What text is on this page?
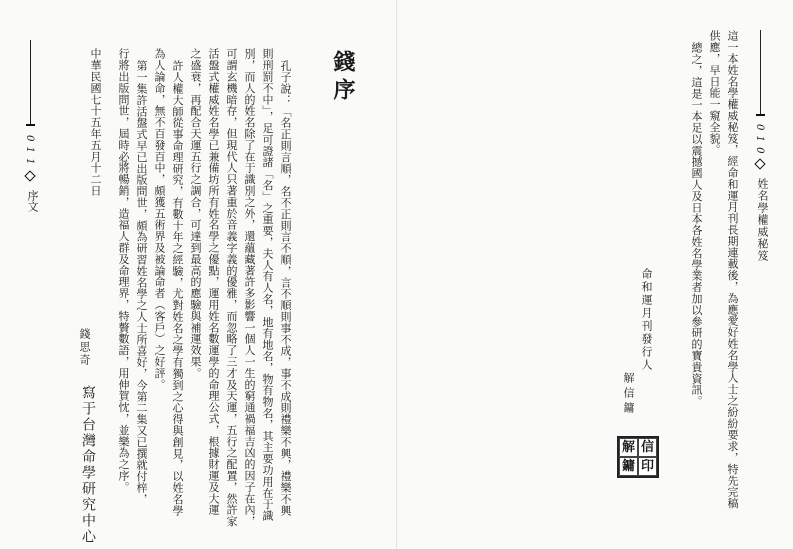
0 1 1

序文

錢序

孔子說：「名正則言順，名不正則言不順，言不順則事不成，事不成則禮樂不興，禮樂不興

則刑罰不中」，足可證諸「名」之重要，夫人有人名，地有地名，物有物名，其主要功用在于識

別，而人的姓名除了在于識別之外，還蘊藏著許多影響一個人一生的窮通禍福吉凶的因子在內，

可謂玄機暗存，但現代人只著重於音義字義的優雅，而忽略了三才及天運，五行之配置，然許家

活盤式權威姓名學已兼備坊所有姓名學之優點，運用姓名數運學的命理公式，根據財運及大運

之盛衰，再配合天運五行之調合，可達到最高的應驗與補運效果。

許人權大師從事命理研究，有數十年之經驗，尤對姓名之學有獨到之心得與創見，以姓名學

為人論命，無不百發百中，頗獲五術界及被論命者（客戶）之好評。

第一集許活盤式早已出版問世，頗為研習姓名學之人士所喜好，今第二集又已撰就付梓，

行將出版問世，屆時必將暢銷，造福人群及命理界，特贅數語，用伸賀忱，並樂為之序。

中華民國七十五年五月十二日

錢思奇

寫于台灣命學研究中心

0 1 0

姓名學權威秘笈

這一本姓名學權威秘笈，經命和運月刊長期連載後，為應愛好姓名學人士之紛紛要求，特先完稿

供應，早日能一窺全貌。

總之，這是一本足以震撼國人及日本各姓名學業者加以參研的寶貴資訊。

命和運月刊發行人

解信鏞

解 信
鏞 印
